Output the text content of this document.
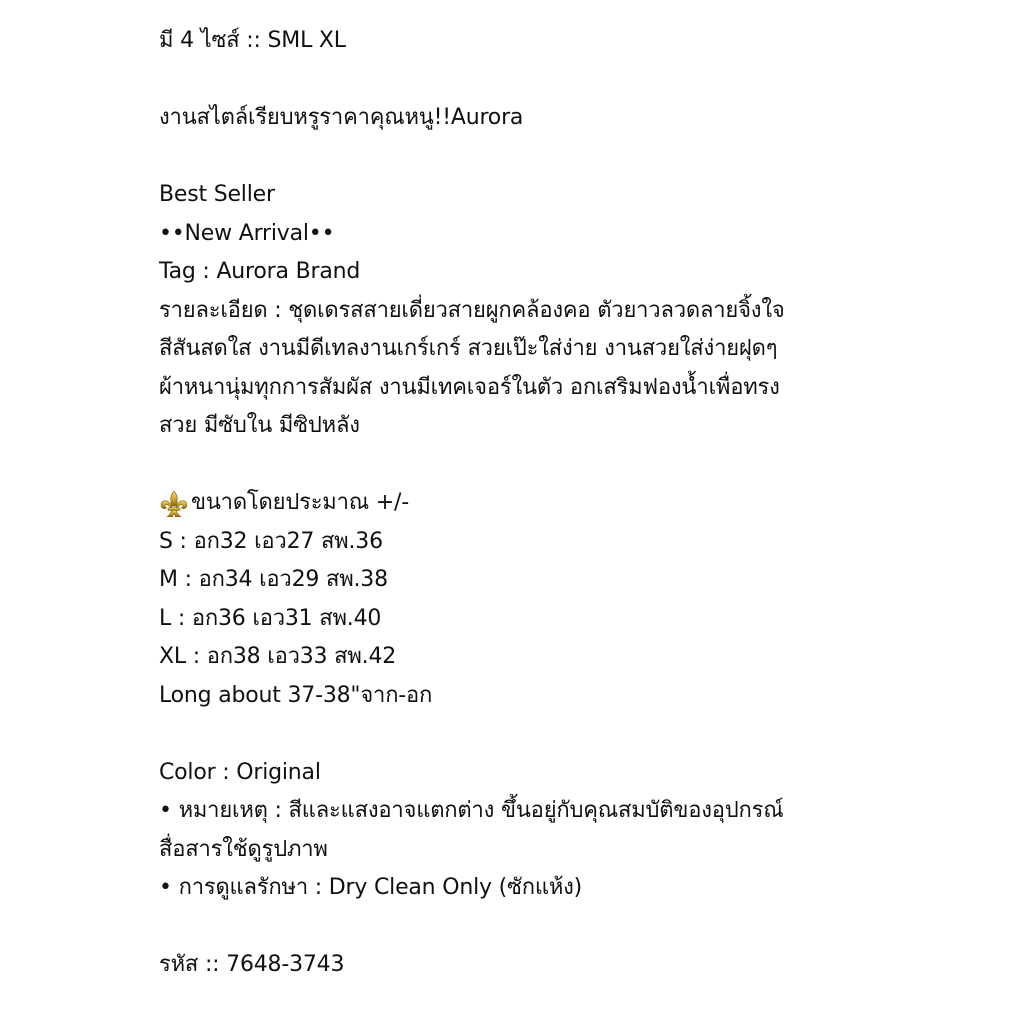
มี 4 ไซส์ :: SML XL
งานสไตล์เรียบหรูราคาคุณหนู!!Aurora
Best Seller
••New Arrival••
Tag : Aurora Brand
รายละเอียด : ชุดเดรสสายเดี่ยวสายผูกคล้องคอ ตัวยาวลวดลายจิ้งใจ
สีสันสดใส งานมีดีเทลงานเกร์เกร์ สวยเป๊ะใส่ง่าย งานสวยใส่ง่ายฝุดๆ
ผ้าหนานุ่มทุกการสัมผัส งานมีเทคเจอร์ในตัว อกเสริมฟองน้ำเพื่อทรง
สวย มีซับใน มีซิปหลัง
ขนาดโดยประมาณ +/-
S : อก32 เอว27 สพ.36
M : อก34 เอว29 สพ.38
L : อก36 เอว31 สพ.40
XL : อก38 เอว33 สพ.42
Long about 37-38"จาก-อก
Color : Original
• หมายเหตุ : สีและแสงอาจแตกต่าง ขึ้นอยู่กับคุณสมบัติของอุปกรณ์
สื่อสารใช้ดูรูปภาพ
• การดูแลรักษา : Dry Clean Only (ซักแห้ง)
รหัส :: 7648-3743
